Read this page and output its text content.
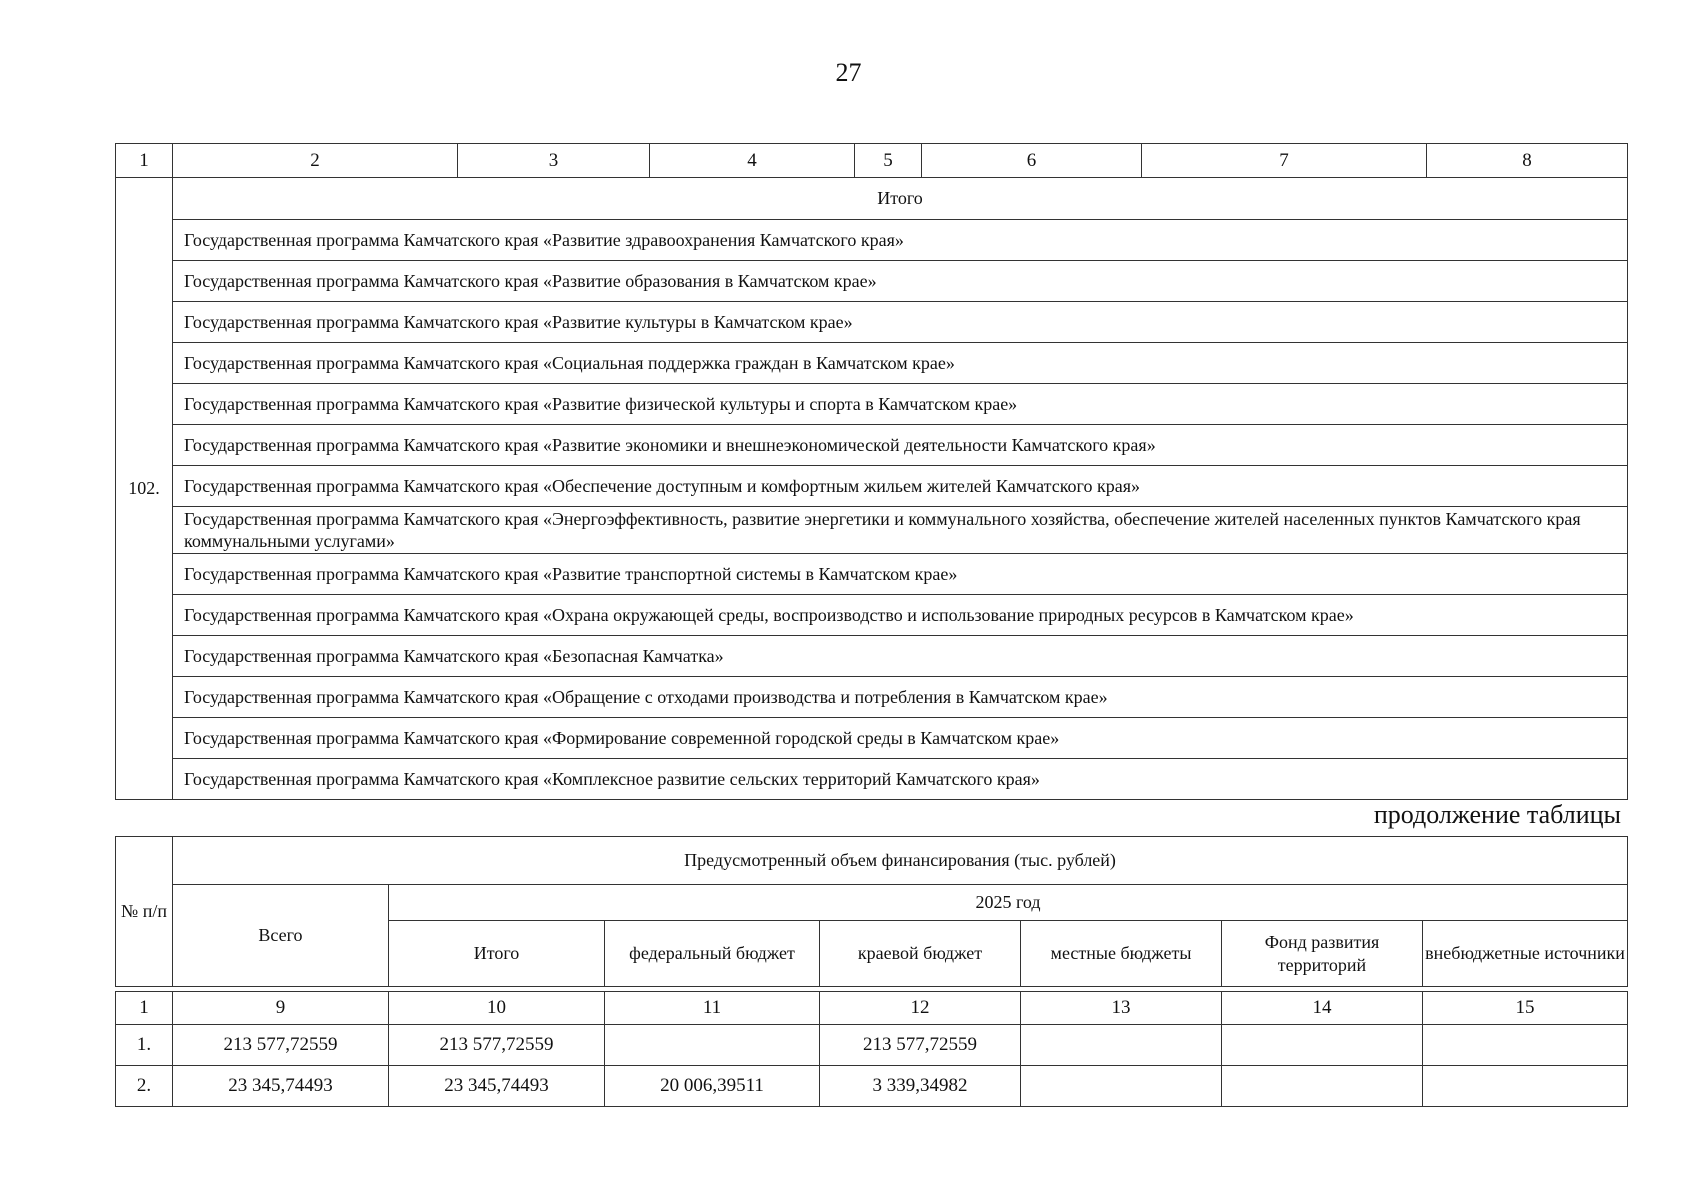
27
1	2	3	4	5	6	7	8
102.	Итого						
	Государственная программа Камчатского края «Развитие здравоохранения Камчатского края»						
	Государственная программа Камчатского края «Развитие образования в Камчатском крае»						
	Государственная программа Камчатского края «Развитие культуры в Камчатском крае»						
	Государственная программа Камчатского края «Социальная поддержка граждан в Камчатском крае»						
	Государственная программа Камчатского края «Развитие физической культуры и спорта в Камчатском крае»						
	Государственная программа Камчатского края «Развитие экономики и внешнеэкономической деятельности Камчатского края»						
	Государственная программа Камчатского края «Обеспечение доступным и комфортным жильем жителей Камчатского края»						
	Государственная программа Камчатского края «Энергоэффективность, развитие энергетики и коммунального хозяйства, обеспечение жителей населенных пунктов Камчатского края коммунальными услугами»						
	Государственная программа Камчатского края «Развитие транспортной системы в Камчатском крае»						
	Государственная программа Камчатского края «Охрана окружающей среды, воспроизводство и использование природных ресурсов в Камчатском крае»						
	Государственная программа Камчатского края «Безопасная Камчатка»						
	Государственная программа Камчатского края «Обращение с отходами производства и потребления в Камчатском крае»						
	Государственная программа Камчатского края «Формирование современной городской среды в Камчатском крае»						
	Государственная программа Камчатского края «Комплексное развитие сельских территорий Камчатского края»						
продолжение таблицы
№ п/п	Предусмотренный объем финансирования (тыс. рублей)						
	Всего	2025 год					
		Итого	федеральный бюджет	краевой бюджет	местные бюджеты	Фонд развития территорий	внебюджетные источники
1	9	10	11	12	13	14	15
1.	213 577,72559	213 577,72559		213 577,72559			
2.	23 345,74493	23 345,74493	20 006,39511	3 339,34982			
